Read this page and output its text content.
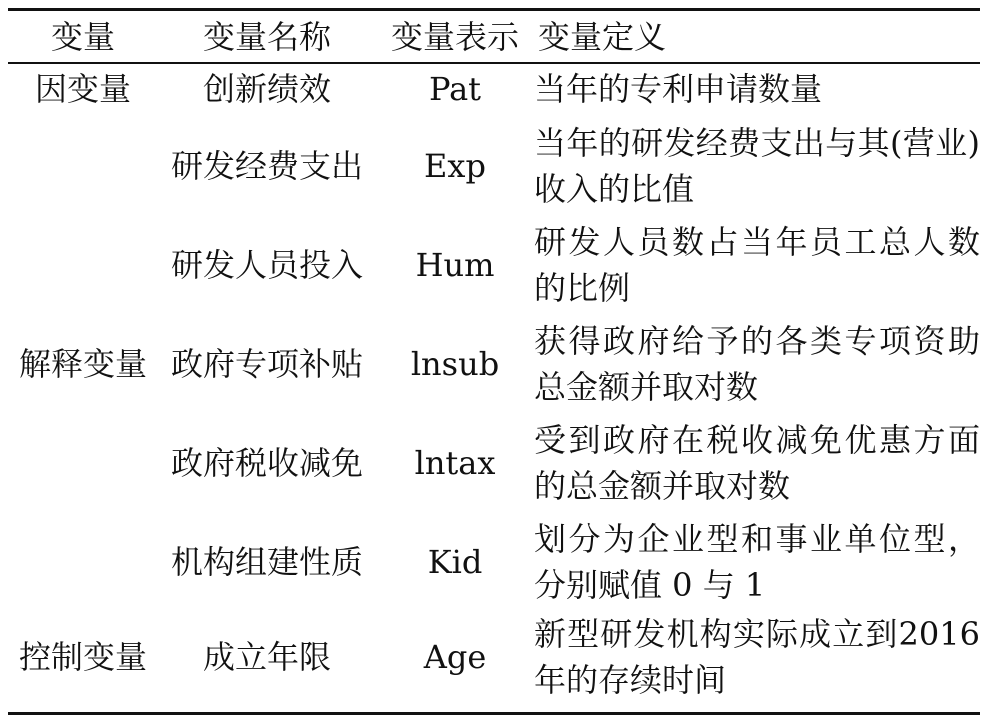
变量	变量名称	变量表示	变量定义
因变量	创新绩效	Pat	当年的专利申请数量
	研发经费支出	Exp	当年的研发经费支出与其(营业)收入的比值
	研发人员投入	Hum	研发人员数占当年员工总人数的比例
解释变量	政府专项补贴	lnsub	获得政府给予的各类专项资助总金额并取对数
	政府税收减免	lntax	受到政府在税收减免优惠方面的总金额并取对数
	机构组建性质	Kid	划分为企业型和事业单位型，分别赋值 0 与 1
控制变量	成立年限	Age	新型研发机构实际成立到2016 年的存续时间
